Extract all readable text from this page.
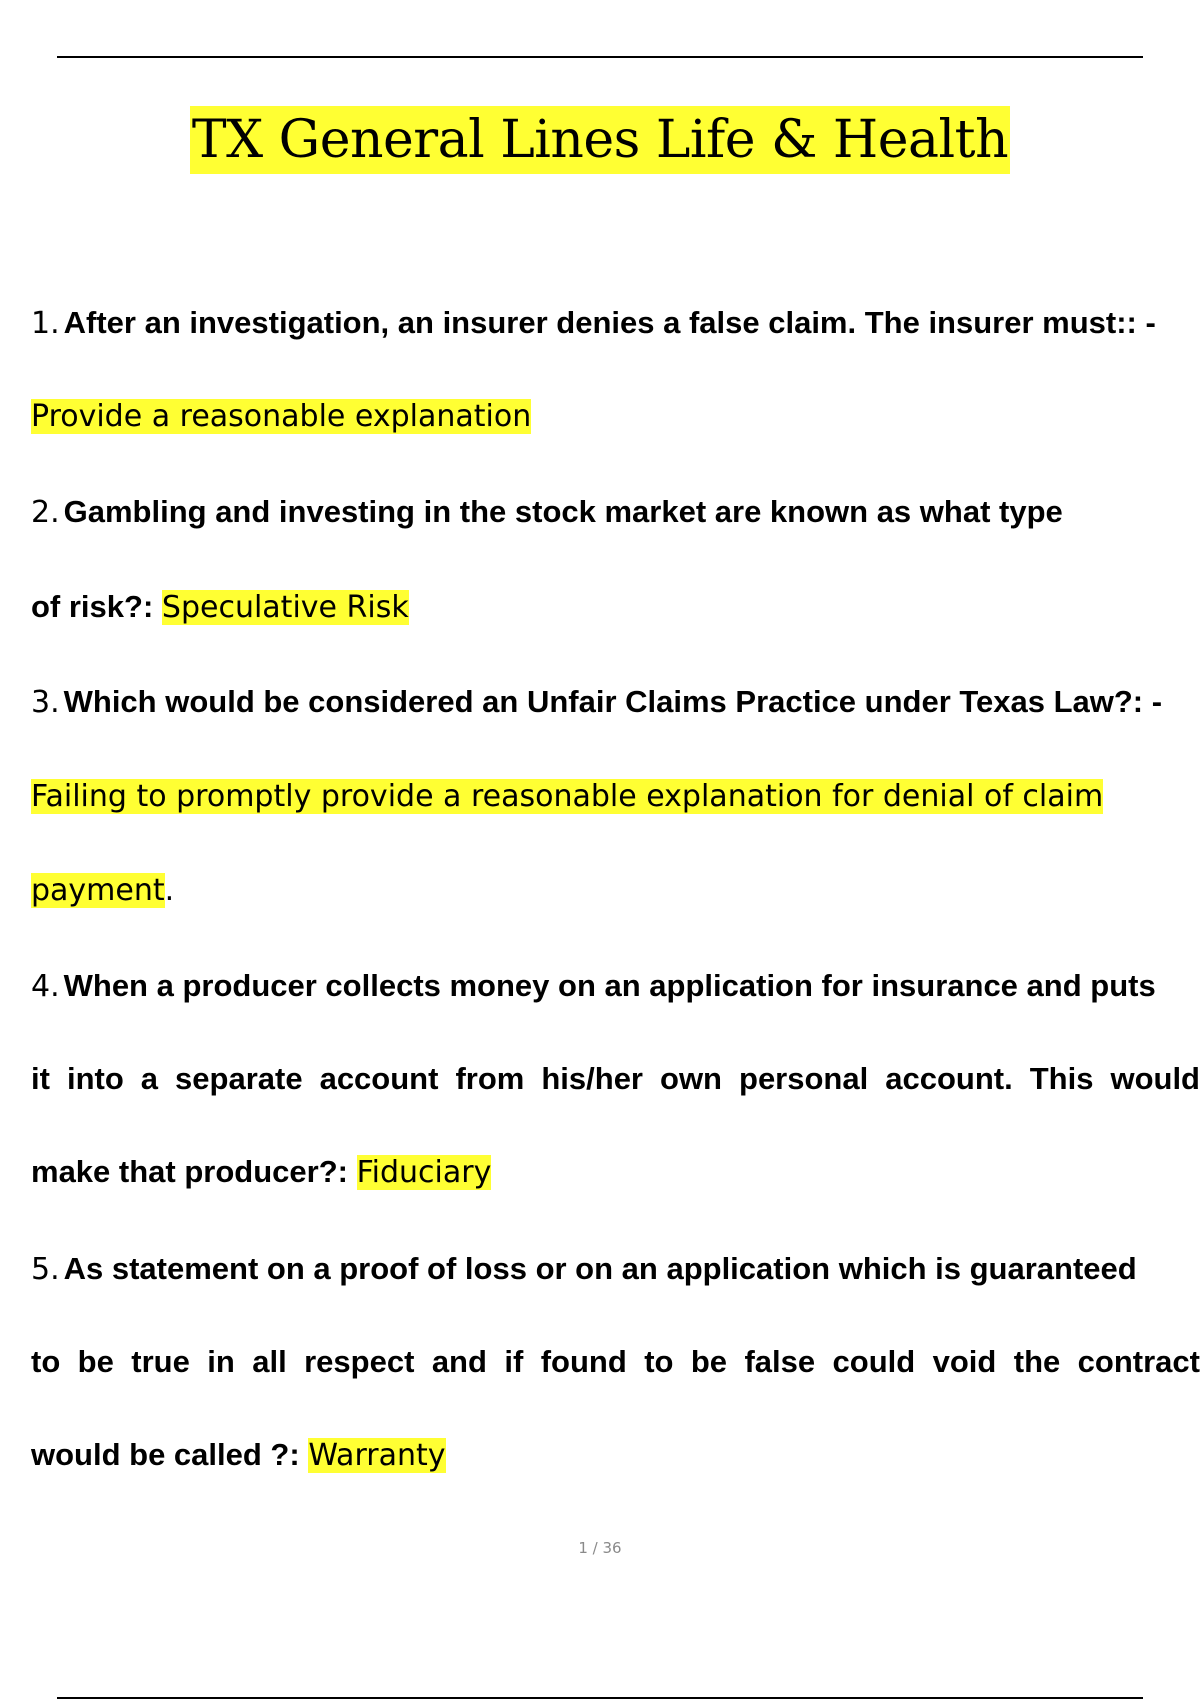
TX General Lines Life & Health
1. After an investigation, an insurer denies a false claim. The insurer must:: -
Provide a reasonable explanation
2. Gambling and investing in the stock market are known as what type
of risk?: Speculative Risk
3. Which would be considered an Unfair Claims Practice under Texas Law?: -
Failing to promptly provide a reasonable explanation for denial of claim
payment.
4. When a producer collects money on an application for insurance and puts
it into a separate account from his/her own personal account. This would
make that producer?: Fiduciary
5. As statement on a proof of loss or on an application which is guaranteed
to be true in all respect and if found to be false could void the contract
would be called ?: Warranty
1 / 36
